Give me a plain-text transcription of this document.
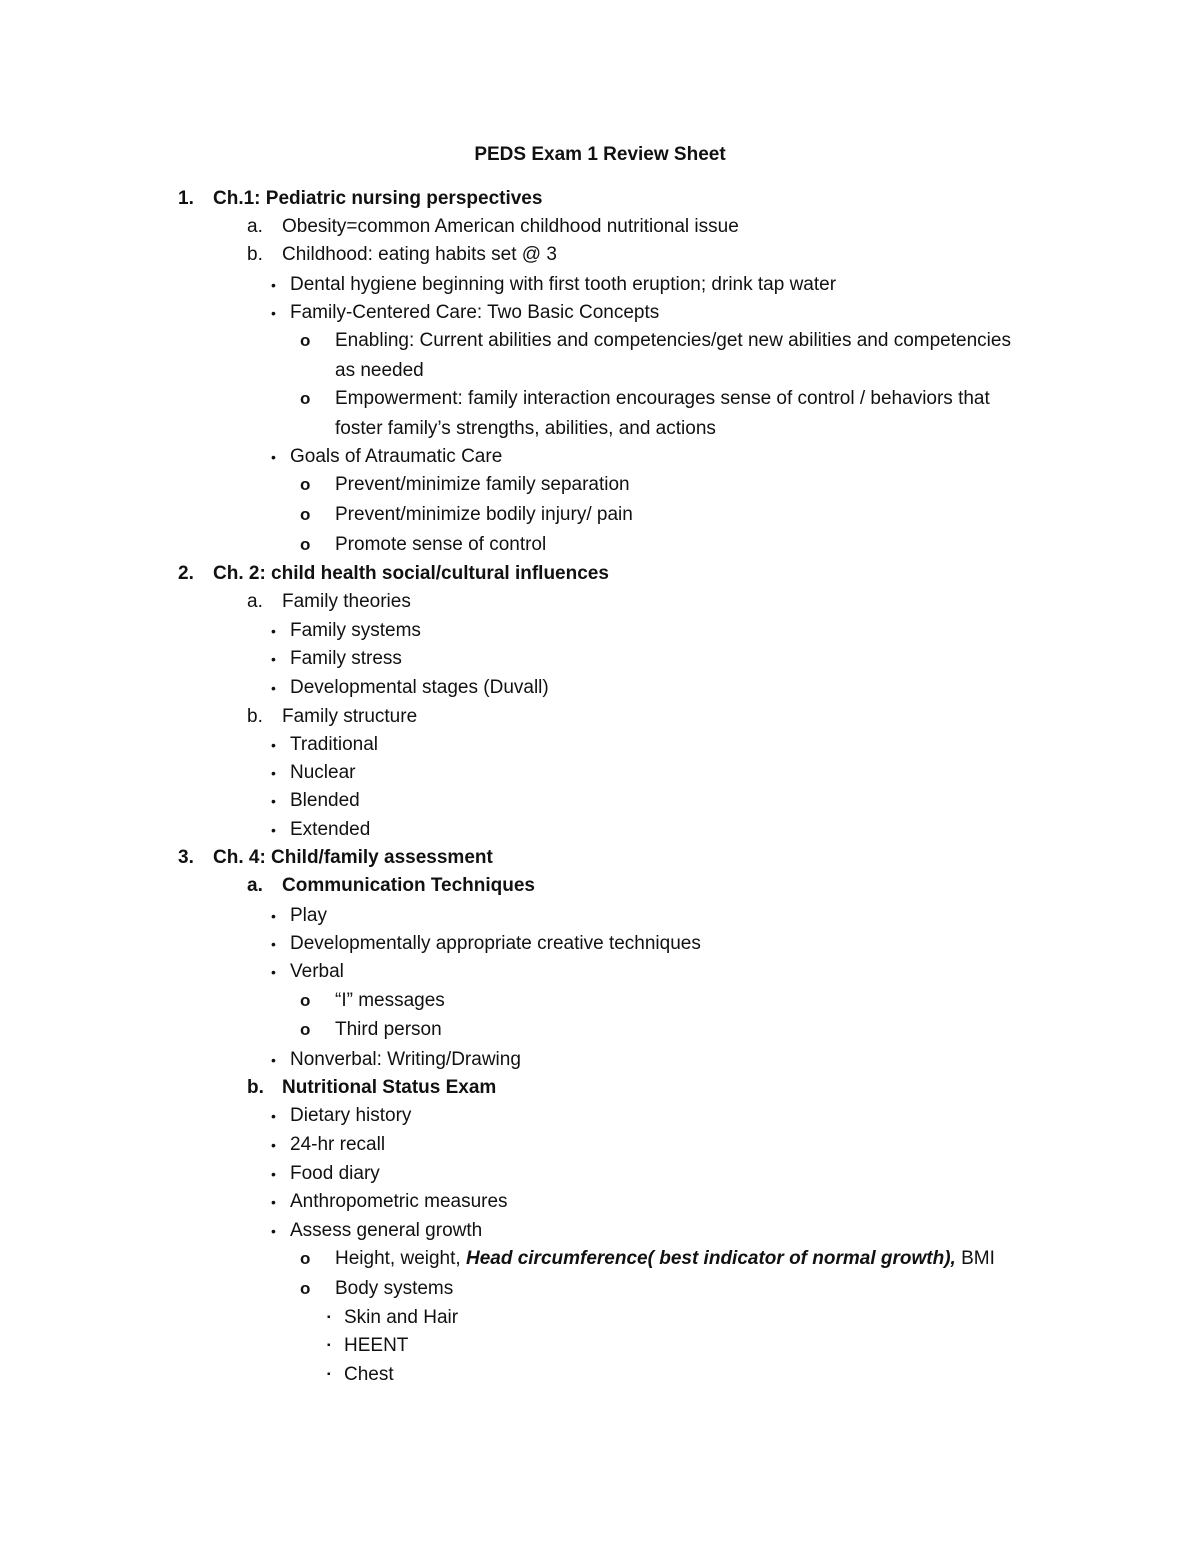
PEDS Exam 1 Review Sheet
1. Ch.1: Pediatric nursing perspectives
a. Obesity=common American childhood nutritional issue
b. Childhood: eating habits set @ 3
• Dental hygiene beginning with first tooth eruption; drink tap water
• Family-Centered Care: Two Basic Concepts
o Enabling: Current abilities and competencies/get new abilities and competencies
as needed
o Empowerment: family interaction encourages sense of control / behaviors that
foster family’s strengths, abilities, and actions
• Goals of Atraumatic Care
o Prevent/minimize family separation
o Prevent/minimize bodily injury/ pain
o Promote sense of control
2. Ch. 2: child health social/cultural influences
a. Family theories
• Family systems
• Family stress
• Developmental stages (Duvall)
b. Family structure
• Traditional
• Nuclear
• Blended
• Extended
3. Ch. 4: Child/family assessment
a. Communication Techniques
• Play
• Developmentally appropriate creative techniques
• Verbal
o “I” messages
o Third person
• Nonverbal: Writing/Drawing
b. Nutritional Status Exam
• Dietary history
• 24-hr recall
• Food diary
• Anthropometric measures
• Assess general growth
o Height, weight, Head circumference( best indicator of normal growth), BMI
o Body systems
▪ Skin and Hair
▪ HEENT
▪ Chest
